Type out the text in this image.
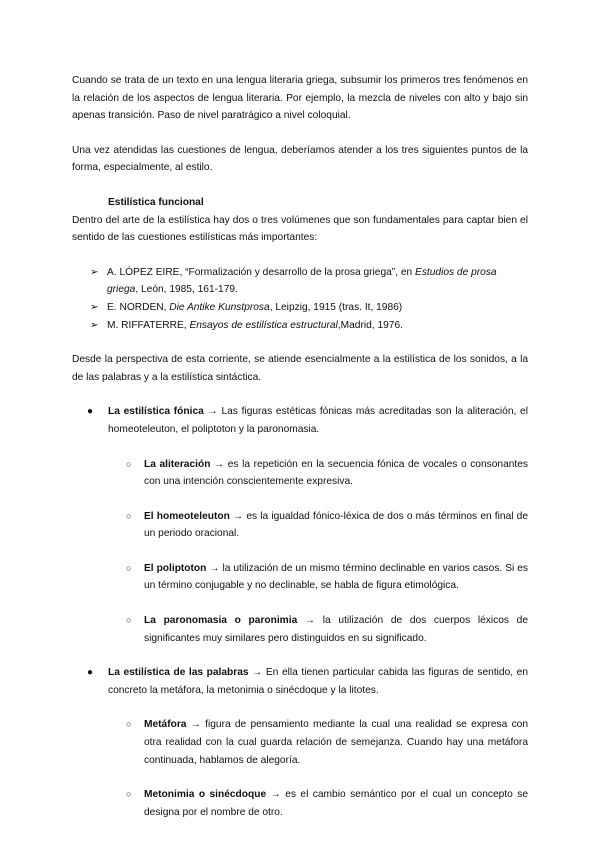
Cuando se trata de un texto en una lengua literaria griega, subsumir los primeros tres fenómenos en la relación de los aspectos de lengua literaria. Por ejemplo, la mezcla de niveles con alto y bajo sin apenas transición. Paso de nivel paratrágico a nivel coloquial.

Una vez atendidas las cuestiones de lengua, deberíamos atender a los tres siguientes puntos de la forma, especialmente, al estilo.

Estilística funcional

Dentro del arte de la estilística hay dos o tres volúmenes que son fundamentales para captar bien el sentido de las cuestiones estilísticas más importantes:

➢ A. LÓPEZ EIRE, “Formalización y desarrollo de la prosa griega”, en Estudios de prosa griega, León, 1985, 161-179.
➢ E. NORDEN, Die Antike Kunstprosa, Leipzig, 1915 (tras. It, 1986)
➢ M. RIFFATERRE, Ensayos de estilística estructural,Madrid, 1976.

Desde la perspectiva de esta corriente, se atiende esencialmente a la estilística de los sonidos, a la de las palabras y a la estilística sintáctica.

● La estilística fónica → Las figuras estéticas fónicas más acreditadas son la aliteración, el homeoteleuton, el poliptoton y la paronomasia.

○ La aliteración → es la repetición en la secuencia fónica de vocales o consonantes con una intención conscientemente expresiva.

○ El homeoteleuton → es la igualdad fónico-léxica de dos o más términos en final de un periodo oracional.

○ El poliptoton → la utilización de un mismo término declinable en varios casos. Si es un término conjugable y no declinable, se habla de figura etimológica.

○ La paronomasia o paronimia → la utilización de dos cuerpos léxicos de significantes muy similares pero distinguidos en su significado.

● La estilística de las palabras → En ella tienen particular cabida las figuras de sentido, en concreto la metáfora, la metonimia o sinécdoque y la litotes.

○ Metáfora → figura de pensamiento mediante la cual una realidad se expresa con otra realidad con la cual guarda relación de semejanza. Cuando hay una metáfora continuada, hablamos de alegoría.

○ Metonimia o sinécdoque → es el cambio semántico por el cual un concepto se designa por el nombre de otro.
